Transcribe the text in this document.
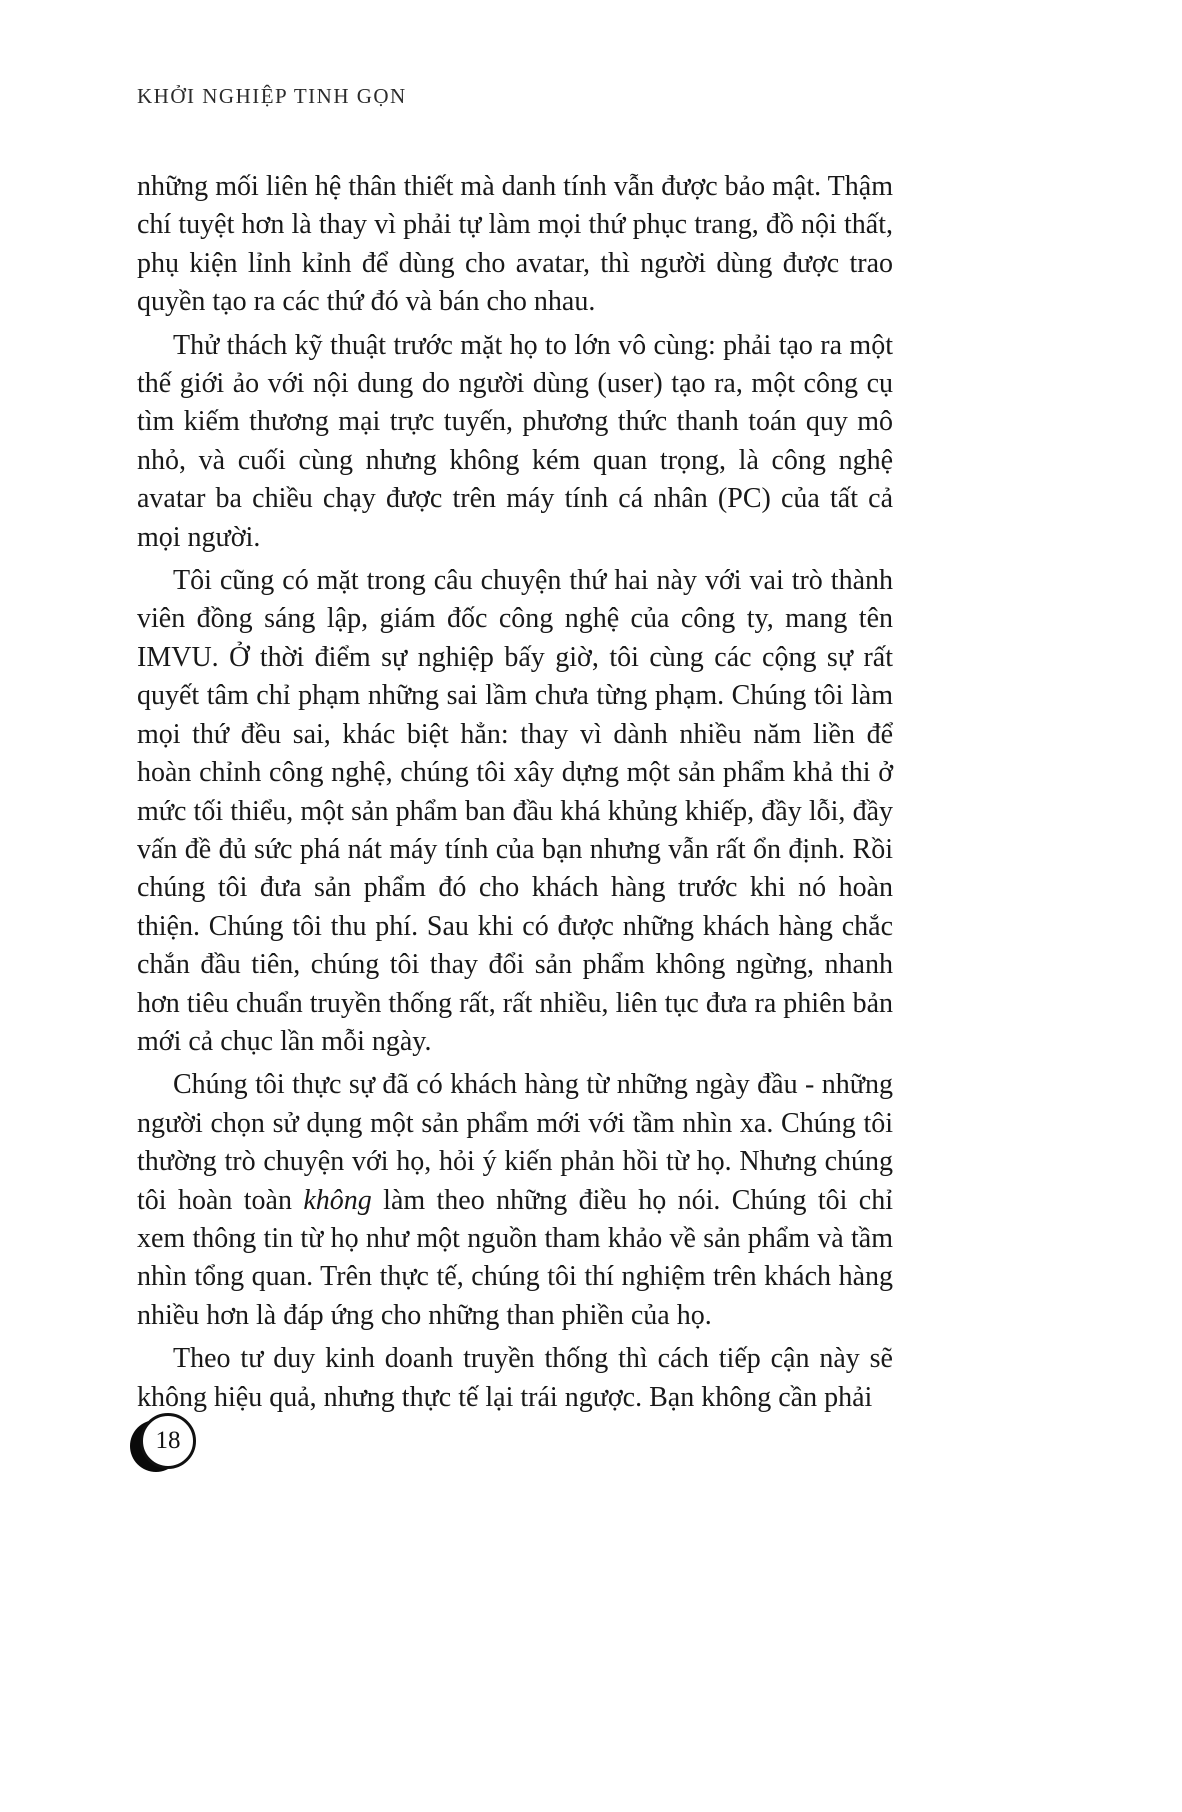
KHỞI NGHIỆP TINH GỌN

những mối liên hệ thân thiết mà danh tính vẫn được bảo mật. Thậm chí tuyệt hơn là thay vì phải tự làm mọi thứ phục trang, đồ nội thất, phụ kiện lỉnh kỉnh để dùng cho avatar, thì người dùng được trao quyền tạo ra các thứ đó và bán cho nhau.

Thử thách kỹ thuật trước mặt họ to lớn vô cùng: phải tạo ra một thế giới ảo với nội dung do người dùng (user) tạo ra, một công cụ tìm kiếm thương mại trực tuyến, phương thức thanh toán quy mô nhỏ, và cuối cùng nhưng không kém quan trọng, là công nghệ avatar ba chiều chạy được trên máy tính cá nhân (PC) của tất cả mọi người.

Tôi cũng có mặt trong câu chuyện thứ hai này với vai trò thành viên đồng sáng lập, giám đốc công nghệ của công ty, mang tên IMVU. Ở thời điểm sự nghiệp bấy giờ, tôi cùng các cộng sự rất quyết tâm chỉ phạm những sai lầm chưa từng phạm. Chúng tôi làm mọi thứ đều sai, khác biệt hẳn: thay vì dành nhiều năm liền để hoàn chỉnh công nghệ, chúng tôi xây dựng một sản phẩm khả thi ở mức tối thiểu, một sản phẩm ban đầu khá khủng khiếp, đầy lỗi, đầy vấn đề đủ sức phá nát máy tính của bạn nhưng vẫn rất ổn định. Rồi chúng tôi đưa sản phẩm đó cho khách hàng trước khi nó hoàn thiện. Chúng tôi thu phí. Sau khi có được những khách hàng chắc chắn đầu tiên, chúng tôi thay đổi sản phẩm không ngừng, nhanh hơn tiêu chuẩn truyền thống rất, rất nhiều, liên tục đưa ra phiên bản mới cả chục lần mỗi ngày.

Chúng tôi thực sự đã có khách hàng từ những ngày đầu - những người chọn sử dụng một sản phẩm mới với tầm nhìn xa. Chúng tôi thường trò chuyện với họ, hỏi ý kiến phản hồi từ họ. Nhưng chúng tôi hoàn toàn không làm theo những điều họ nói. Chúng tôi chỉ xem thông tin từ họ như một nguồn tham khảo về sản phẩm và tầm nhìn tổng quan. Trên thực tế, chúng tôi thí nghiệm trên khách hàng nhiều hơn là đáp ứng cho những than phiền của họ.

Theo tư duy kinh doanh truyền thống thì cách tiếp cận này sẽ không hiệu quả, nhưng thực tế lại trái ngược. Bạn không cần phải

18
